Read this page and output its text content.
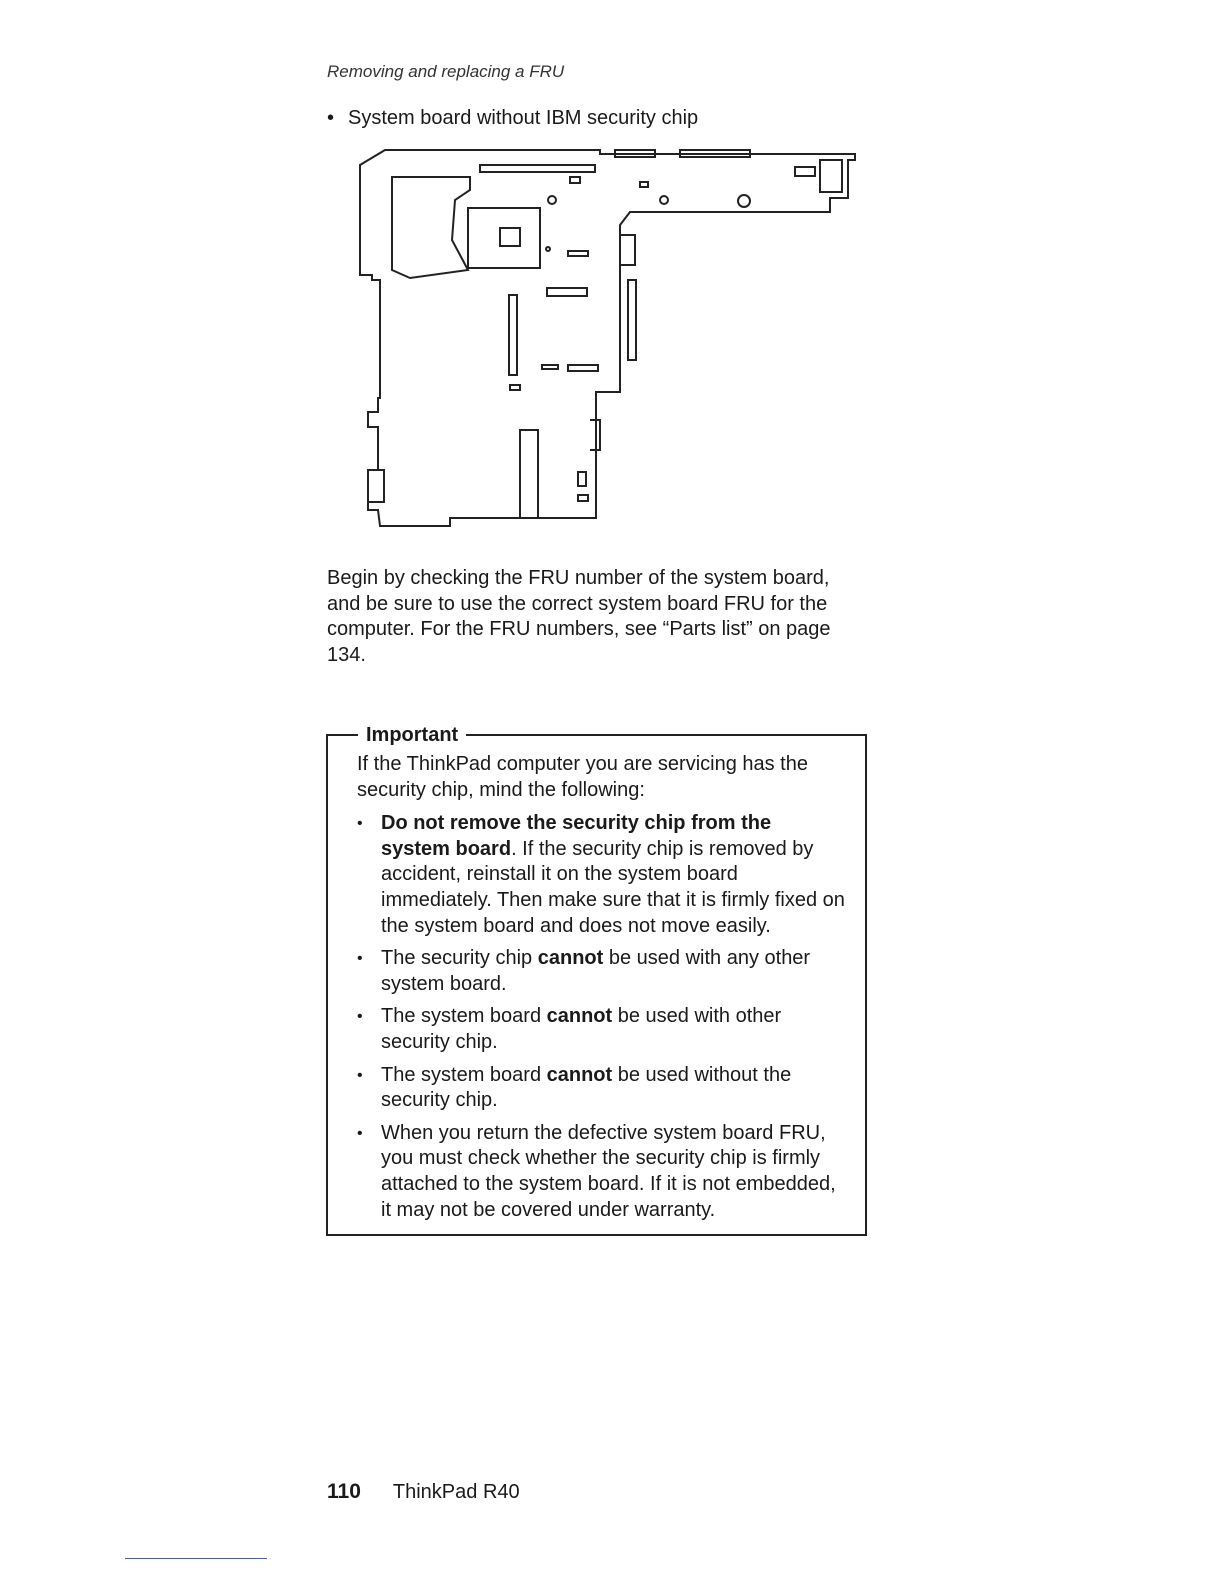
Removing and replacing a FRU
• System board without IBM security chip
Begin by checking the FRU number of the system board, and be sure to use the correct system board FRU for the computer. For the FRU numbers, see “Parts list” on page 134.
Important

If the ThinkPad computer you are servicing has the security chip, mind the following:

• Do not remove the security chip from the system board. If the security chip is removed by accident, reinstall it on the system board immediately. Then make sure that it is firmly fixed on the system board and does not move easily.
• The security chip cannot be used with any other system board.
• The system board cannot be used with other security chip.
• The system board cannot be used without the security chip.
• When you return the defective system board FRU, you must check whether the security chip is firmly attached to the system board. If it is not embedded, it may not be covered under warranty.
110 ThinkPad R40
